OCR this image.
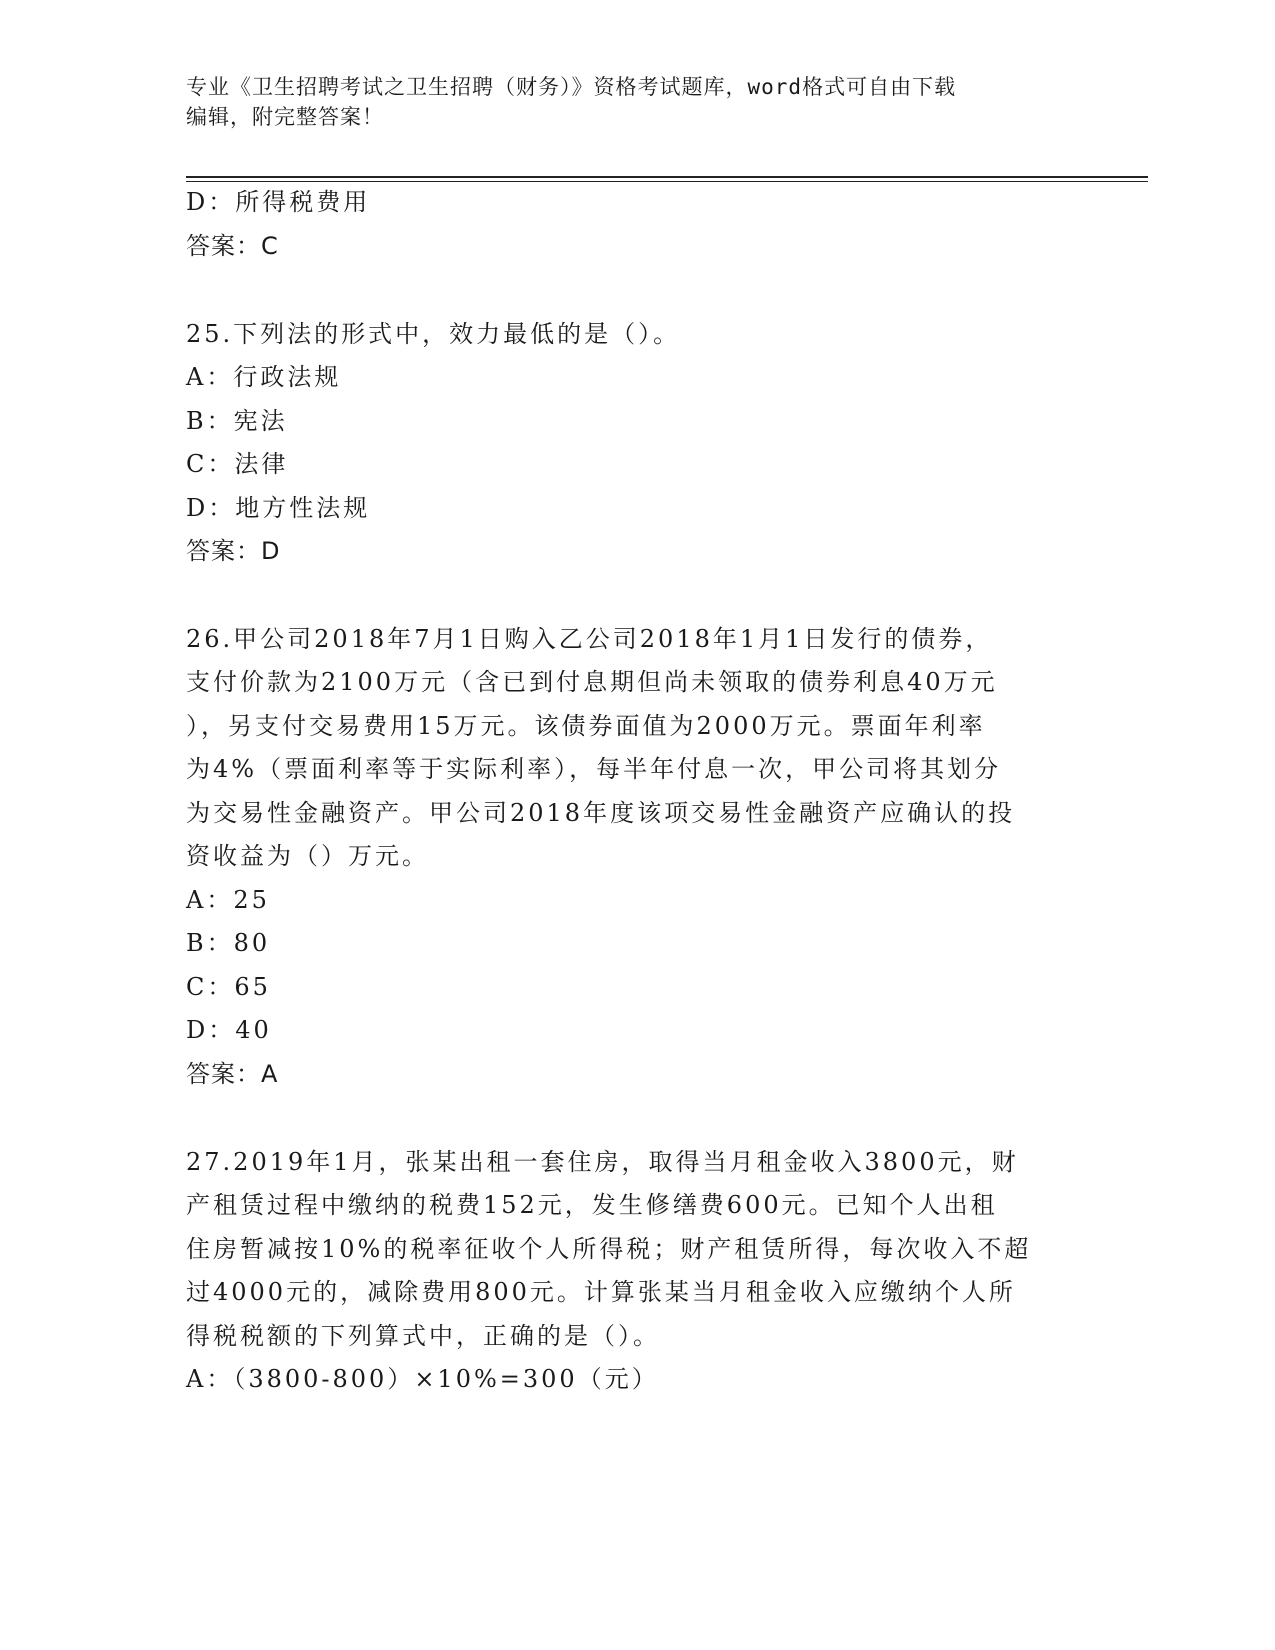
专业《卫生招聘考试之卫生招聘（财务）》资格考试题库，word格式可自由下载
编辑，附完整答案！
D：所得税费用
答案：C
25.下列法的形式中，效力最低的是（）。
A：行政法规
B：宪法
C：法律
D：地方性法规
答案：D
26.甲公司2018年7月1日购入乙公司2018年1月1日发行的债券，
支付价款为2100万元（含已到付息期但尚未领取的债券利息40万元
），另支付交易费用15万元。该债券面值为2000万元。票面年利率
为4%（票面利率等于实际利率），每半年付息一次，甲公司将其划分
为交易性金融资产。甲公司2018年度该项交易性金融资产应确认的投
资收益为（）万元。
A：25
B：80
C：65
D：40
答案：A
27.2019年1月，张某出租一套住房，取得当月租金收入3800元，财
产租赁过程中缴纳的税费152元，发生修缮费600元。已知个人出租
住房暂减按10%的税率征收个人所得税；财产租赁所得，每次收入不超
过4000元的，减除费用800元。计算张某当月租金收入应缴纳个人所
得税税额的下列算式中，正确的是（）。
A：（3800-800）×10%=300（元）
